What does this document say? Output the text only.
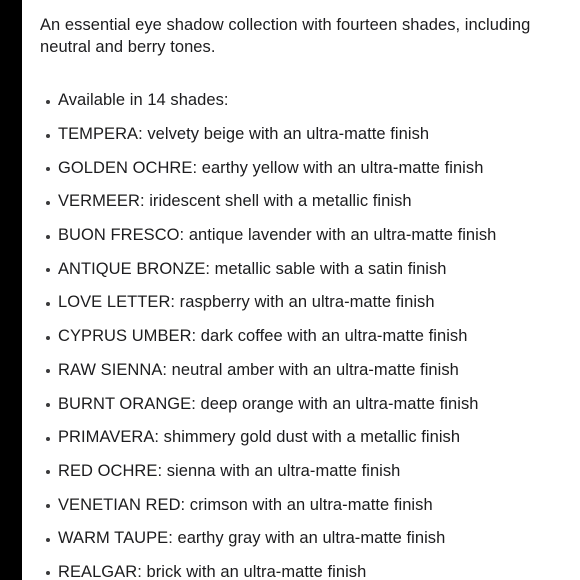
An essential eye shadow collection with fourteen shades, including neutral and berry tones.

Available in 14 shades:
TEMPERA: velvety beige with an ultra-matte finish
GOLDEN OCHRE: earthy yellow with an ultra-matte finish
VERMEER: iridescent shell with a metallic finish
BUON FRESCO: antique lavender with an ultra-matte finish
ANTIQUE BRONZE: metallic sable with a satin finish
LOVE LETTER: raspberry with an ultra-matte finish
CYPRUS UMBER: dark coffee with an ultra-matte finish
RAW SIENNA: neutral amber with an ultra-matte finish
BURNT ORANGE: deep orange with an ultra-matte finish
PRIMAVERA: shimmery gold dust with a metallic finish
RED OCHRE: sienna with an ultra-matte finish
VENETIAN RED: crimson with an ultra-matte finish
WARM TAUPE: earthy gray with an ultra-matte finish
REALGAR: brick with an ultra-matte finish
